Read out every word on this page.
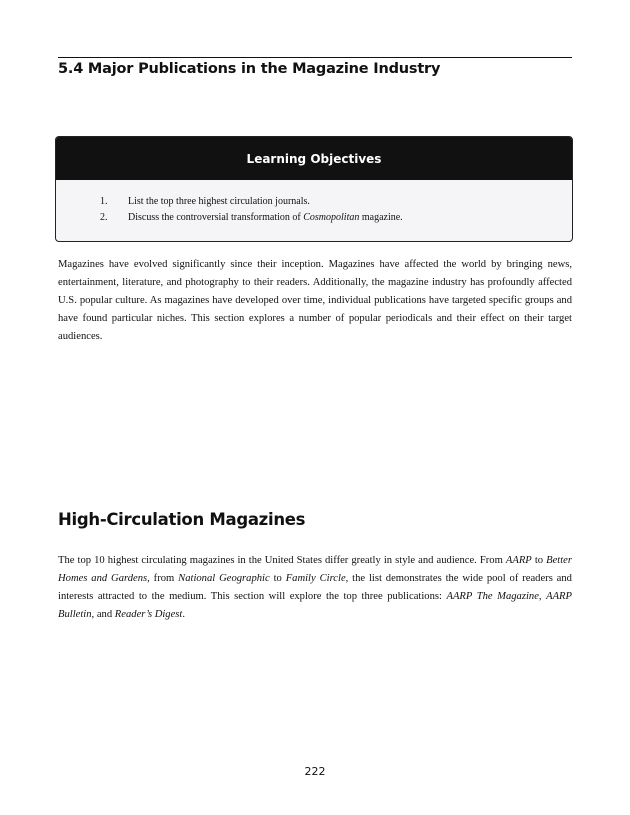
5.4 Major Publications in the Magazine Industry
Learning Objectives
1. List the top three highest circulation journals.
2. Discuss the controversial transformation of Cosmopolitan magazine.

Magazines have evolved significantly since their inception. Magazines have affected the world by bringing news, entertainment, literature, and photography to their readers. Additionally, the magazine industry has profoundly affected U.S. popular culture. As magazines have developed over time, individual publications have targeted specific groups and have found particular niches. This section explores a number of popular periodicals and their effect on their target audiences.

High-Circulation Magazines

The top 10 highest circulating magazines in the United States differ greatly in style and audience. From AARP to Better Homes and Gardens, from National Geographic to Family Circle, the list demonstrates the wide pool of readers and interests attracted to the medium. This section will explore the top three publications: AARP The Magazine, AARP Bulletin, and Reader’s Digest.

222
